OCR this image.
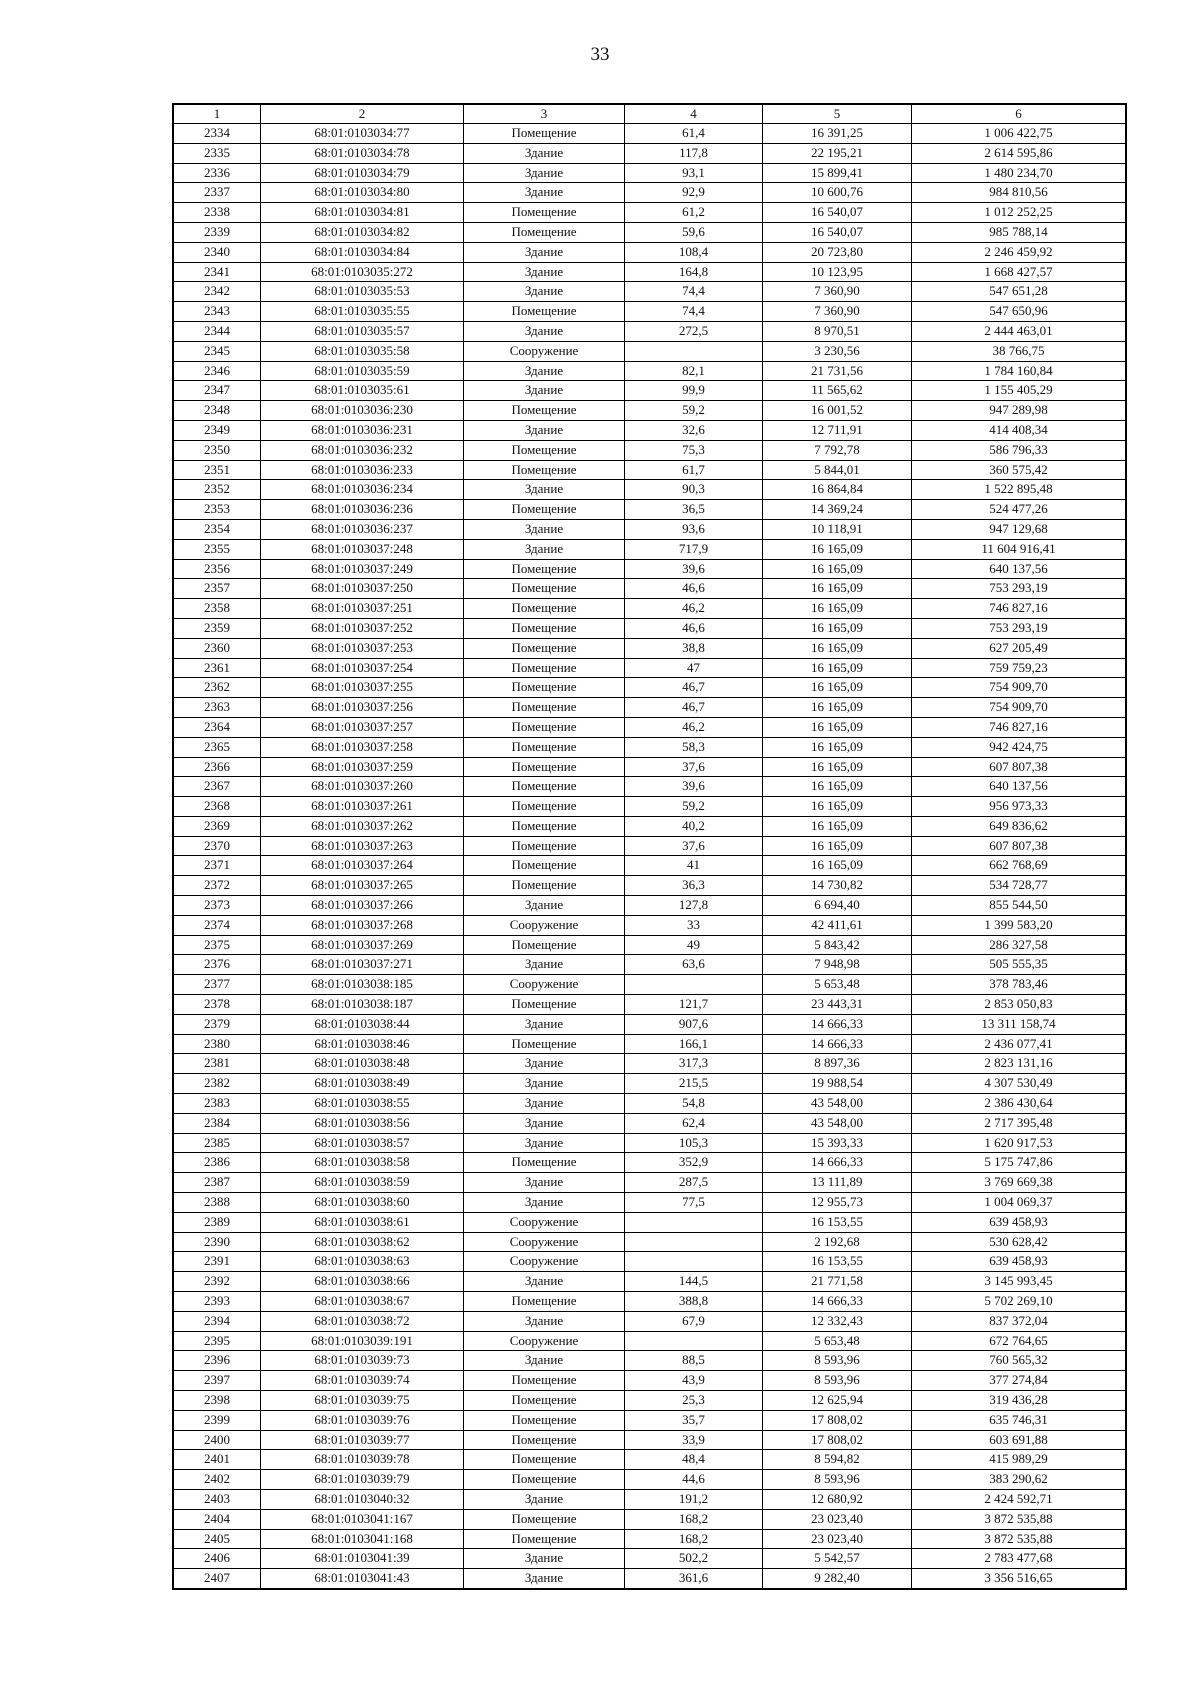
33
1	2	3	4	5	6
2334	68:01:0103034:77	Помещение	61,4	16 391,25	1 006 422,75
2335	68:01:0103034:78	Здание	117,8	22 195,21	2 614 595,86
2336	68:01:0103034:79	Здание	93,1	15 899,41	1 480 234,70
2337	68:01:0103034:80	Здание	92,9	10 600,76	984 810,56
2338	68:01:0103034:81	Помещение	61,2	16 540,07	1 012 252,25
2339	68:01:0103034:82	Помещение	59,6	16 540,07	985 788,14
2340	68:01:0103034:84	Здание	108,4	20 723,80	2 246 459,92
2341	68:01:0103035:272	Здание	164,8	10 123,95	1 668 427,57
2342	68:01:0103035:53	Здание	74,4	7 360,90	547 651,28
2343	68:01:0103035:55	Помещение	74,4	7 360,90	547 650,96
2344	68:01:0103035:57	Здание	272,5	8 970,51	2 444 463,01
2345	68:01:0103035:58	Сооружение		3 230,56	38 766,75
2346	68:01:0103035:59	Здание	82,1	21 731,56	1 784 160,84
2347	68:01:0103035:61	Здание	99,9	11 565,62	1 155 405,29
2348	68:01:0103036:230	Помещение	59,2	16 001,52	947 289,98
2349	68:01:0103036:231	Здание	32,6	12 711,91	414 408,34
2350	68:01:0103036:232	Помещение	75,3	7 792,78	586 796,33
2351	68:01:0103036:233	Помещение	61,7	5 844,01	360 575,42
2352	68:01:0103036:234	Здание	90,3	16 864,84	1 522 895,48
2353	68:01:0103036:236	Помещение	36,5	14 369,24	524 477,26
2354	68:01:0103036:237	Здание	93,6	10 118,91	947 129,68
2355	68:01:0103037:248	Здание	717,9	16 165,09	11 604 916,41
2356	68:01:0103037:249	Помещение	39,6	16 165,09	640 137,56
2357	68:01:0103037:250	Помещение	46,6	16 165,09	753 293,19
2358	68:01:0103037:251	Помещение	46,2	16 165,09	746 827,16
2359	68:01:0103037:252	Помещение	46,6	16 165,09	753 293,19
2360	68:01:0103037:253	Помещение	38,8	16 165,09	627 205,49
2361	68:01:0103037:254	Помещение	47	16 165,09	759 759,23
2362	68:01:0103037:255	Помещение	46,7	16 165,09	754 909,70
2363	68:01:0103037:256	Помещение	46,7	16 165,09	754 909,70
2364	68:01:0103037:257	Помещение	46,2	16 165,09	746 827,16
2365	68:01:0103037:258	Помещение	58,3	16 165,09	942 424,75
2366	68:01:0103037:259	Помещение	37,6	16 165,09	607 807,38
2367	68:01:0103037:260	Помещение	39,6	16 165,09	640 137,56
2368	68:01:0103037:261	Помещение	59,2	16 165,09	956 973,33
2369	68:01:0103037:262	Помещение	40,2	16 165,09	649 836,62
2370	68:01:0103037:263	Помещение	37,6	16 165,09	607 807,38
2371	68:01:0103037:264	Помещение	41	16 165,09	662 768,69
2372	68:01:0103037:265	Помещение	36,3	14 730,82	534 728,77
2373	68:01:0103037:266	Здание	127,8	6 694,40	855 544,50
2374	68:01:0103037:268	Сооружение	33	42 411,61	1 399 583,20
2375	68:01:0103037:269	Помещение	49	5 843,42	286 327,58
2376	68:01:0103037:271	Здание	63,6	7 948,98	505 555,35
2377	68:01:0103038:185	Сооружение		5 653,48	378 783,46
2378	68:01:0103038:187	Помещение	121,7	23 443,31	2 853 050,83
2379	68:01:0103038:44	Здание	907,6	14 666,33	13 311 158,74
2380	68:01:0103038:46	Помещение	166,1	14 666,33	2 436 077,41
2381	68:01:0103038:48	Здание	317,3	8 897,36	2 823 131,16
2382	68:01:0103038:49	Здание	215,5	19 988,54	4 307 530,49
2383	68:01:0103038:55	Здание	54,8	43 548,00	2 386 430,64
2384	68:01:0103038:56	Здание	62,4	43 548,00	2 717 395,48
2385	68:01:0103038:57	Здание	105,3	15 393,33	1 620 917,53
2386	68:01:0103038:58	Помещение	352,9	14 666,33	5 175 747,86
2387	68:01:0103038:59	Здание	287,5	13 111,89	3 769 669,38
2388	68:01:0103038:60	Здание	77,5	12 955,73	1 004 069,37
2389	68:01:0103038:61	Сооружение		16 153,55	639 458,93
2390	68:01:0103038:62	Сооружение		2 192,68	530 628,42
2391	68:01:0103038:63	Сооружение		16 153,55	639 458,93
2392	68:01:0103038:66	Здание	144,5	21 771,58	3 145 993,45
2393	68:01:0103038:67	Помещение	388,8	14 666,33	5 702 269,10
2394	68:01:0103038:72	Здание	67,9	12 332,43	837 372,04
2395	68:01:0103039:191	Сооружение		5 653,48	672 764,65
2396	68:01:0103039:73	Здание	88,5	8 593,96	760 565,32
2397	68:01:0103039:74	Помещение	43,9	8 593,96	377 274,84
2398	68:01:0103039:75	Помещение	25,3	12 625,94	319 436,28
2399	68:01:0103039:76	Помещение	35,7	17 808,02	635 746,31
2400	68:01:0103039:77	Помещение	33,9	17 808,02	603 691,88
2401	68:01:0103039:78	Помещение	48,4	8 594,82	415 989,29
2402	68:01:0103039:79	Помещение	44,6	8 593,96	383 290,62
2403	68:01:0103040:32	Здание	191,2	12 680,92	2 424 592,71
2404	68:01:0103041:167	Помещение	168,2	23 023,40	3 872 535,88
2405	68:01:0103041:168	Помещение	168,2	23 023,40	3 872 535,88
2406	68:01:0103041:39	Здание	502,2	5 542,57	2 783 477,68
2407	68:01:0103041:43	Здание	361,6	9 282,40	3 356 516,65
